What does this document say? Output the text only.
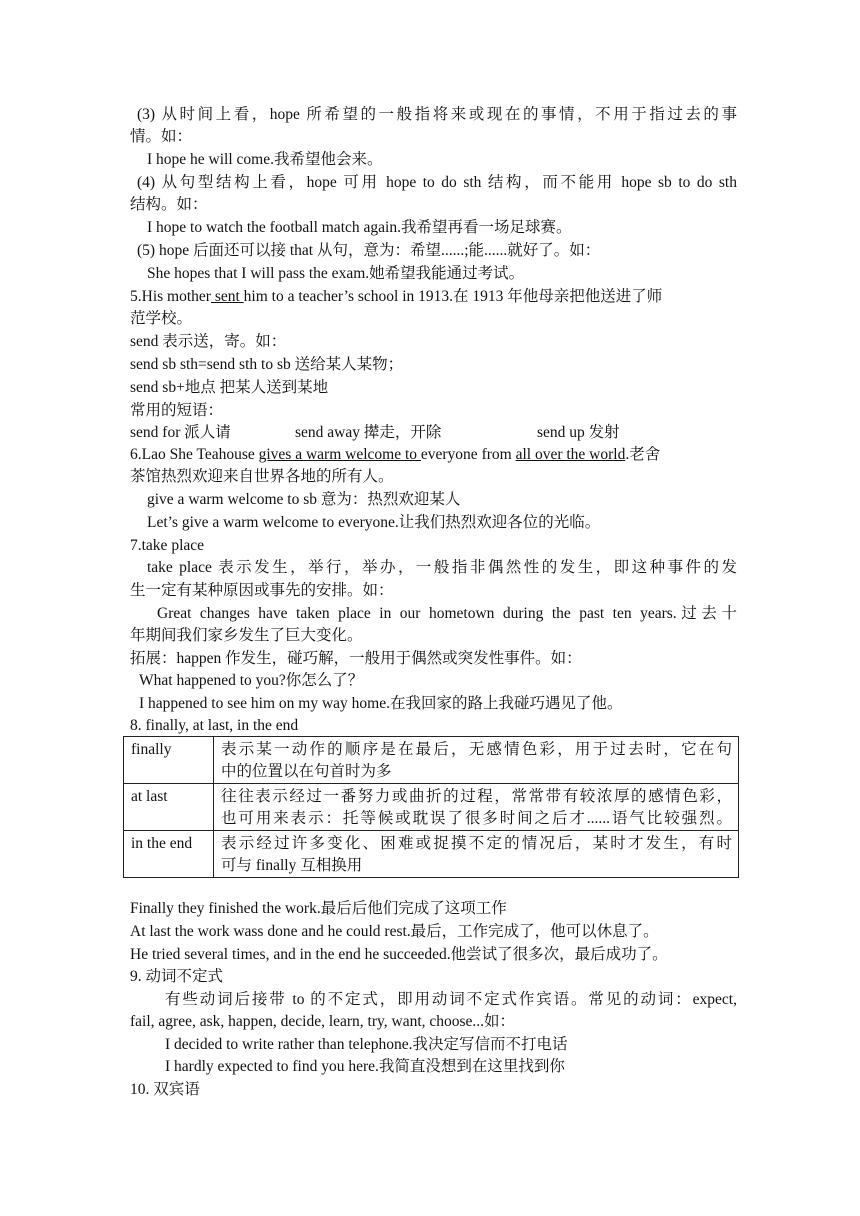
(3) 从时间上看，hope 所希望的一般指将来或现在的事情，不用于指过去的事
情。如：
I hope he will come.我希望他会来。
(4) 从句型结构上看，hope 可用 hope to do sth 结构，而不能用 hope sb to do sth
结构。如：
I hope to watch the football match again.我希望再看一场足球赛。
(5) hope 后面还可以接 that 从句，意为：希望......;能......就好了。如：
She hopes that I will pass the exam.她希望我能通过考试。
5.His mother sent him to a teacher’s school in 1913.在 1913 年他母亲把他送进了师
范学校。
send 表示送，寄。如：
send sb sth=send sth to sb 送给某人某物；
send sb+地点 把某人送到某地
常用的短语：
send for 派人请	send away 撵走，开除	send up 发射
6.Lao She Teahouse gives a warm welcome to everyone from all over the world.老舍
茶馆热烈欢迎来自世界各地的所有人。
give a warm welcome to sb 意为：热烈欢迎某人
Let’s give a warm welcome to everyone.让我们热烈欢迎各位的光临。
7.take place
take place 表示发生，举行，举办，一般指非偶然性的发生，即这种事件的发
生一定有某种原因或事先的安排。如：
Great changes have taken place in our hometown during the past ten years.过去十
年期间我们家乡发生了巨大变化。
拓展：happen 作发生，碰巧解，一般用于偶然或突发性事件。如：
What happened to you?你怎么了？
I happened to see him on my way home.在我回家的路上我碰巧遇见了他。
8. finally, at last, in the end
finally	表示某一动作的顺序是在最后，无感情色彩，用于过去时，它在句
中的位置以在句首时为多

at last	往往表示经过一番努力或曲折的过程，常常带有较浓厚的感情色彩，
也可用来表示：托等候或耽误了很多时间之后才......语气比较强烈。

in the end	表示经过许多变化、困难或捉摸不定的情况后，某时才发生，有时
可与 finally 互相换用
Finally they finished the work.最后后他们完成了这项工作
At last the work wass done and he could rest.最后，工作完成了，他可以休息了。
He tried several times, and in the end he succeeded.他尝试了很多次，最后成功了。
9. 动词不定式
有些动词后接带 to 的不定式，即用动词不定式作宾语。常见的动词：expect,
fail, agree, ask, happen, decide, learn, try, want, choose...如：
I decided to write rather than telephone.我决定写信而不打电话
I hardly expected to find you here.我简直没想到在这里找到你
10. 双宾语
